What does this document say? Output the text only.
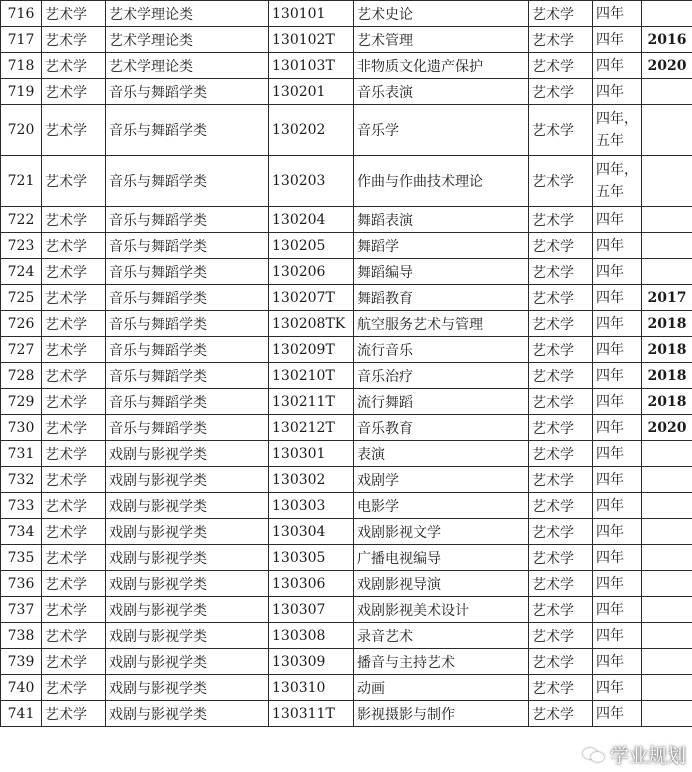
716	艺术学	艺术学理论类	130101	艺术史论	艺术学	四年	

717	艺术学	艺术学理论类	130102T	艺术管理	艺术学	四年	2016
718	艺术学	艺术学理论类	130103T	非物质文化遗产保护	艺术学	四年	2020
719	艺术学	音乐与舞蹈学类	130201	音乐表演	艺术学	四年	

720	艺术学	音乐与舞蹈学类	130202	音乐学	艺术学	四年，
五年	

721	艺术学	音乐与舞蹈学类	130203	作曲与作曲技术理论	艺术学	四年，
五年	

722	艺术学	音乐与舞蹈学类	130204	舞蹈表演	艺术学	四年	

723	艺术学	音乐与舞蹈学类	130205	舞蹈学	艺术学	四年	

724	艺术学	音乐与舞蹈学类	130206	舞蹈编导	艺术学	四年	

725	艺术学	音乐与舞蹈学类	130207T	舞蹈教育	艺术学	四年	2017
726	艺术学	音乐与舞蹈学类	130208TK	航空服务艺术与管理	艺术学	四年	2018
727	艺术学	音乐与舞蹈学类	130209T	流行音乐	艺术学	四年	2018
728	艺术学	音乐与舞蹈学类	130210T	音乐治疗	艺术学	四年	2018
729	艺术学	音乐与舞蹈学类	130211T	流行舞蹈	艺术学	四年	2018
730	艺术学	音乐与舞蹈学类	130212T	音乐教育	艺术学	四年	2020
731	艺术学	戏剧与影视学类	130301	表演	艺术学	四年	

732	艺术学	戏剧与影视学类	130302	戏剧学	艺术学	四年	

733	艺术学	戏剧与影视学类	130303	电影学	艺术学	四年	

734	艺术学	戏剧与影视学类	130304	戏剧影视文学	艺术学	四年	

735	艺术学	戏剧与影视学类	130305	广播电视编导	艺术学	四年	

736	艺术学	戏剧与影视学类	130306	戏剧影视导演	艺术学	四年	

737	艺术学	戏剧与影视学类	130307	戏剧影视美术设计	艺术学	四年	

738	艺术学	戏剧与影视学类	130308	录音艺术	艺术学	四年	

739	艺术学	戏剧与影视学类	130309	播音与主持艺术	艺术学	四年	

740	艺术学	戏剧与影视学类	130310	动画	艺术学	四年	

741	艺术学	戏剧与影视学类	130311T	影视摄影与制作	艺术学	四年	

学业规划
